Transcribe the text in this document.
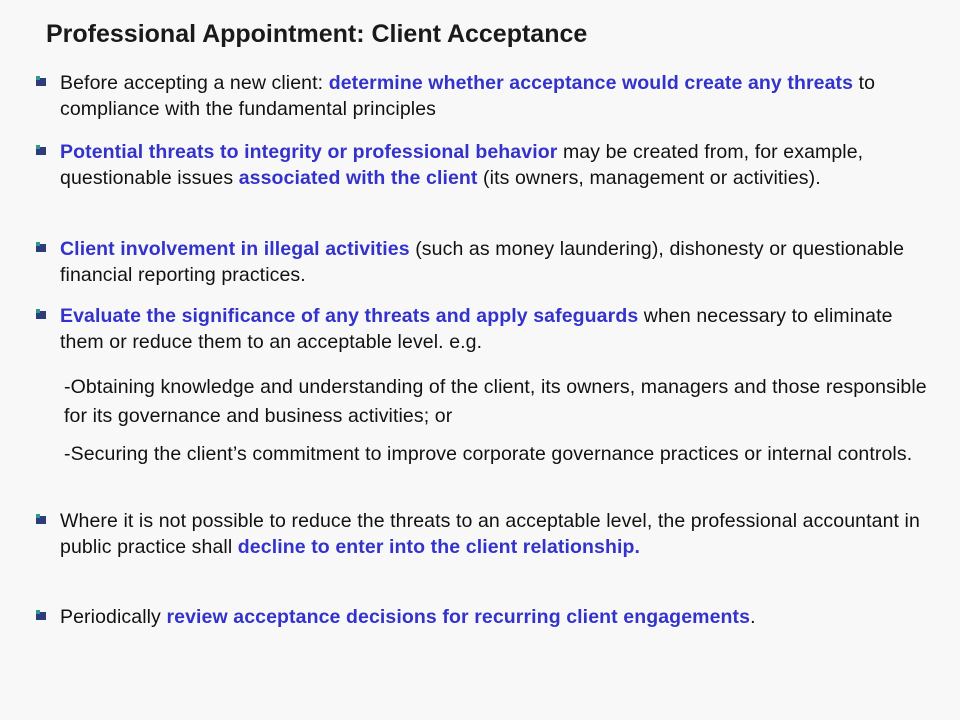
Professional Appointment: Client Acceptance
Before accepting a new client: determine whether acceptance would create any threats to compliance with the fundamental principles
Potential threats to integrity or professional behavior may be created from, for example, questionable issues associated with the client (its owners, management or activities).
Client involvement in illegal activities (such as money laundering), dishonesty or questionable financial reporting practices.
Evaluate the significance of any threats and apply safeguards when necessary to eliminate them or reduce them to an acceptable level. e.g.
-Obtaining knowledge and understanding of the client, its owners, managers and those responsible for its governance and business activities; or
-Securing the client’s commitment to improve corporate governance practices or internal controls.
Where it is not possible to reduce the threats to an acceptable level, the professional accountant in public practice shall decline to enter into the client relationship.
Periodically review acceptance decisions for recurring client engagements.
